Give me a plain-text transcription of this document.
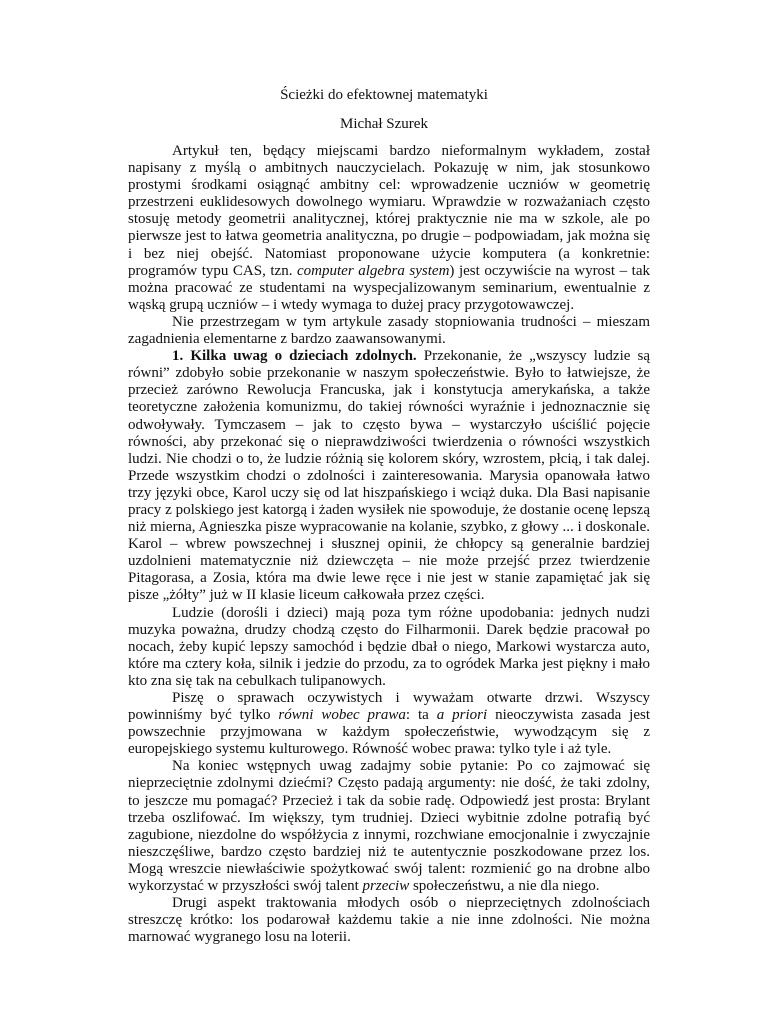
Ścieżki do efektownej matematyki
Michał Szurek

Artykuł ten, będący miejscami bardzo nieformalnym wykładem, został napisany z myślą o ambitnych nauczycielach. Pokazuję w nim, jak stosunkowo prostymi środkami osiągnąć ambitny cel: wprowadzenie uczniów w geometrię przestrzeni euklidesowych dowolnego wymiaru. Wprawdzie w rozważaniach często stosuję metody geometrii analitycznej, której praktycznie nie ma w szkole, ale po pierwsze jest to łatwa geometria analityczna, po drugie – podpowiadam, jak można się i bez niej obejść. Natomiast proponowane użycie komputera (a konkretnie: programów typu CAS, tzn. computer algebra system) jest oczywiście na wyrost – tak można pracować ze studentami na wyspecjalizowanym seminarium, ewentualnie z wąską grupą uczniów – i wtedy wymaga to dużej pracy przygotowawczej.

Nie przestrzegam w tym artykule zasady stopniowania trudności – mieszam zagadnienia elementarne z bardzo zaawansowanymi.

1. Kilka uwag o dzieciach zdolnych. Przekonanie, że „wszyscy ludzie są równi” zdobyło sobie przekonanie w naszym społeczeństwie. Było to łatwiejsze, że przecież zarówno Rewolucja Francuska, jak i konstytucja amerykańska, a także teoretyczne założenia komunizmu, do takiej równości wyraźnie i jednoznacznie się odwoływały. Tymczasem – jak to często bywa – wystarczyło uściślić pojęcie równości, aby przekonać się o nieprawdziwości twierdzenia o równości wszystkich ludzi. Nie chodzi o to, że ludzie różnią się kolorem skóry, wzrostem, płcią, i tak dalej. Przede wszystkim chodzi o zdolności i zainteresowania. Marysia opanowała łatwo trzy języki obce, Karol uczy się od lat hiszpańskiego i wciąż duka. Dla Basi napisanie pracy z polskiego jest katorgą i żaden wysiłek nie spowoduje, że dostanie ocenę lepszą niż mierna, Agnieszka pisze wypracowanie na kolanie, szybko, z głowy ... i doskonale. Karol – wbrew powszechnej i słusznej opinii, że chłopcy są generalnie bardziej uzdolnieni matematycznie niż dziewczęta – nie może przejść przez twierdzenie Pitagorasa, a Zosia, która ma dwie lewe ręce i nie jest w stanie zapamiętać jak się pisze „żółty” już w II klasie liceum całkowała przez części.

Ludzie (dorośli i dzieci) mają poza tym różne upodobania: jednych nudzi muzyka poważna, drudzy chodzą często do Filharmonii. Darek będzie pracował po nocach, żeby kupić lepszy samochód i będzie dbał o niego, Markowi wystarcza auto, które ma cztery koła, silnik i jedzie do przodu, za to ogródek Marka jest piękny i mało kto zna się tak na cebulkach tulipanowych.

Piszę o sprawach oczywistych i wyważam otwarte drzwi. Wszyscy powinniśmy być tylko równi wobec prawa: ta a priori nieoczywista zasada jest powszechnie przyjmowana w każdym społeczeństwie, wywodzącym się z europejskiego systemu kulturowego. Równość wobec prawa: tylko tyle i aż tyle.

Na koniec wstępnych uwag zadajmy sobie pytanie: Po co zajmować się nieprzeciętnie zdolnymi dziećmi? Często padają argumenty: nie dość, że taki zdolny, to jeszcze mu pomagać? Przecież i tak da sobie radę. Odpowiedź jest prosta: Brylant trzeba oszlifować. Im większy, tym trudniej. Dzieci wybitnie zdolne potrafią być zagubione, niezdolne do współżycia z innymi, rozchwiane emocjonalnie i zwyczajnie nieszczęśliwe, bardzo często bardziej niż te autentycznie poszkodowane przez los. Mogą wreszcie niewłaściwie spożytkować swój talent: rozmienić go na drobne albo wykorzystać w przyszłości swój talent przeciw społeczeństwu, a nie dla niego.

Drugi aspekt traktowania młodych osób o nieprzeciętnych zdolnościach streszczę krótko: los podarował każdemu takie a nie inne zdolności. Nie można marnować wygranego losu na loterii.
